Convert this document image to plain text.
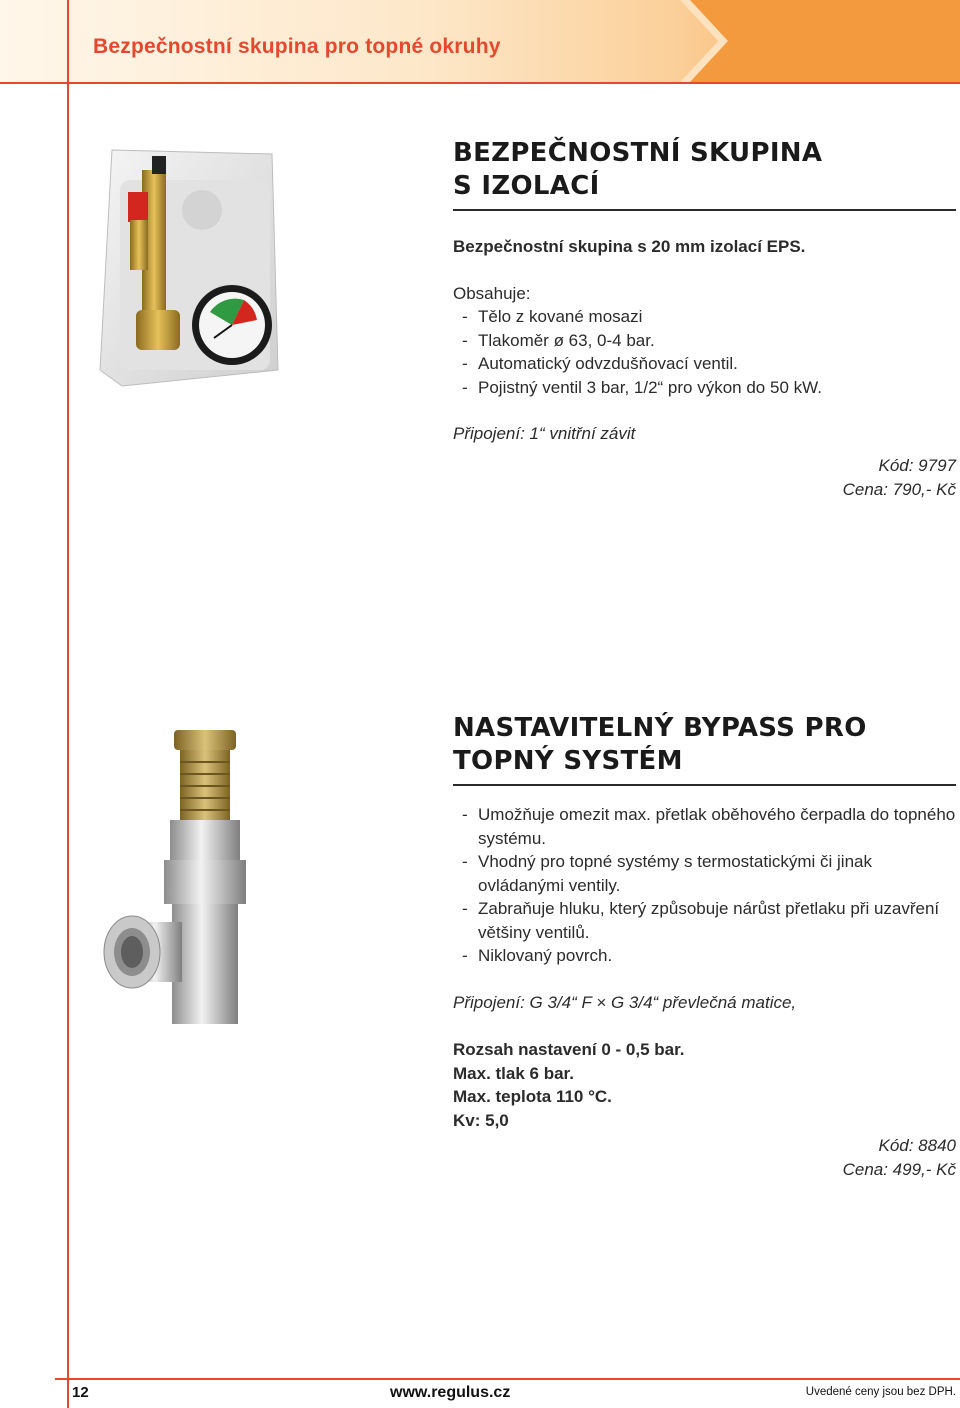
Bezpečnostní skupina pro topné okruhy
BEZPEČNOSTNÍ SKUPINA
S IZOLACÍ

Bezpečnostní skupina s 20 mm izolací EPS.

Obsahuje:

- Tělo z kované mosazi
- Tlakoměr ø 63, 0-4 bar.
- Automatický odvzdušňovací ventil.
- Pojistný ventil 3 bar, 1/2“ pro výkon do 50 kW.

Připojení: 1“ vnitřní závit

Kód: 9797
Cena: 790,- Kč
NASTAVITELNÝ BYPASS PRO
TOPNÝ SYSTÉM
- Umožňuje omezit max. přetlak oběhového čerpadla do topného systému.
- Vhodný pro topné systémy s termostatickými či jinak ovládanými ventily.
- Zabraňuje hluku, který způsobuje nárůst přetlaku při uzavření většiny ventilů.
- Niklovaný povrch.

Připojení: G 3/4“ F × G 3/4“ převlečná matice,

Rozsah nastavení 0 - 0,5 bar.

Max. tlak 6 bar.

Max. teplota 110 °C.

Kv: 5,0

Kód: 8840
Cena: 499,- Kč
12	www.regulus.cz	Uvedené ceny jsou bez DPH.
